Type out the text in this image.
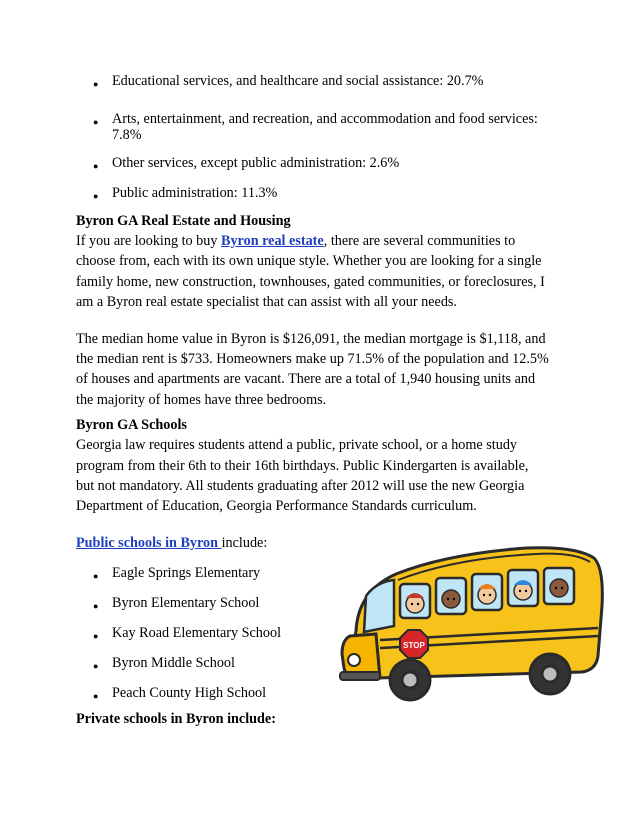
● Educational services, and healthcare and social assistance: 20.7%
● Arts, entertainment, and recreation, and accommodation and food services:
7.8%
● Other services, except public administration: 2.6%
● Public administration: 11.3%
Byron GA Real Estate and Housing
If you are looking to buy Byron real estate, there are several communities to
choose from, each with its own unique style. Whether you are looking for a single
family home, new construction, townhouses, gated communities, or foreclosures, I
am a Byron real estate specialist that can assist with all your needs.
The median home value in Byron is $126,091, the median mortgage is $1,118, and
the median rent is $733. Homeowners make up 71.5% of the population and 12.5%
of houses and apartments are vacant. There are a total of 1,940 housing units and
the majority of homes have three bedrooms.
Byron GA Schools
Georgia law requires students attend a public, private school, or a home study
program from their 6th to their 16th birthdays. Public Kindergarten is available,
but not mandatory. All students graduating after 2012 will use the new Georgia
Department of Education, Georgia Performance Standards curriculum.
Public schools in Byron include:
● Eagle Springs Elementary
● Byron Elementary School
● Kay Road Elementary School
● Byron Middle School
● Peach County High School
Private schools in Byron include:
STOP
